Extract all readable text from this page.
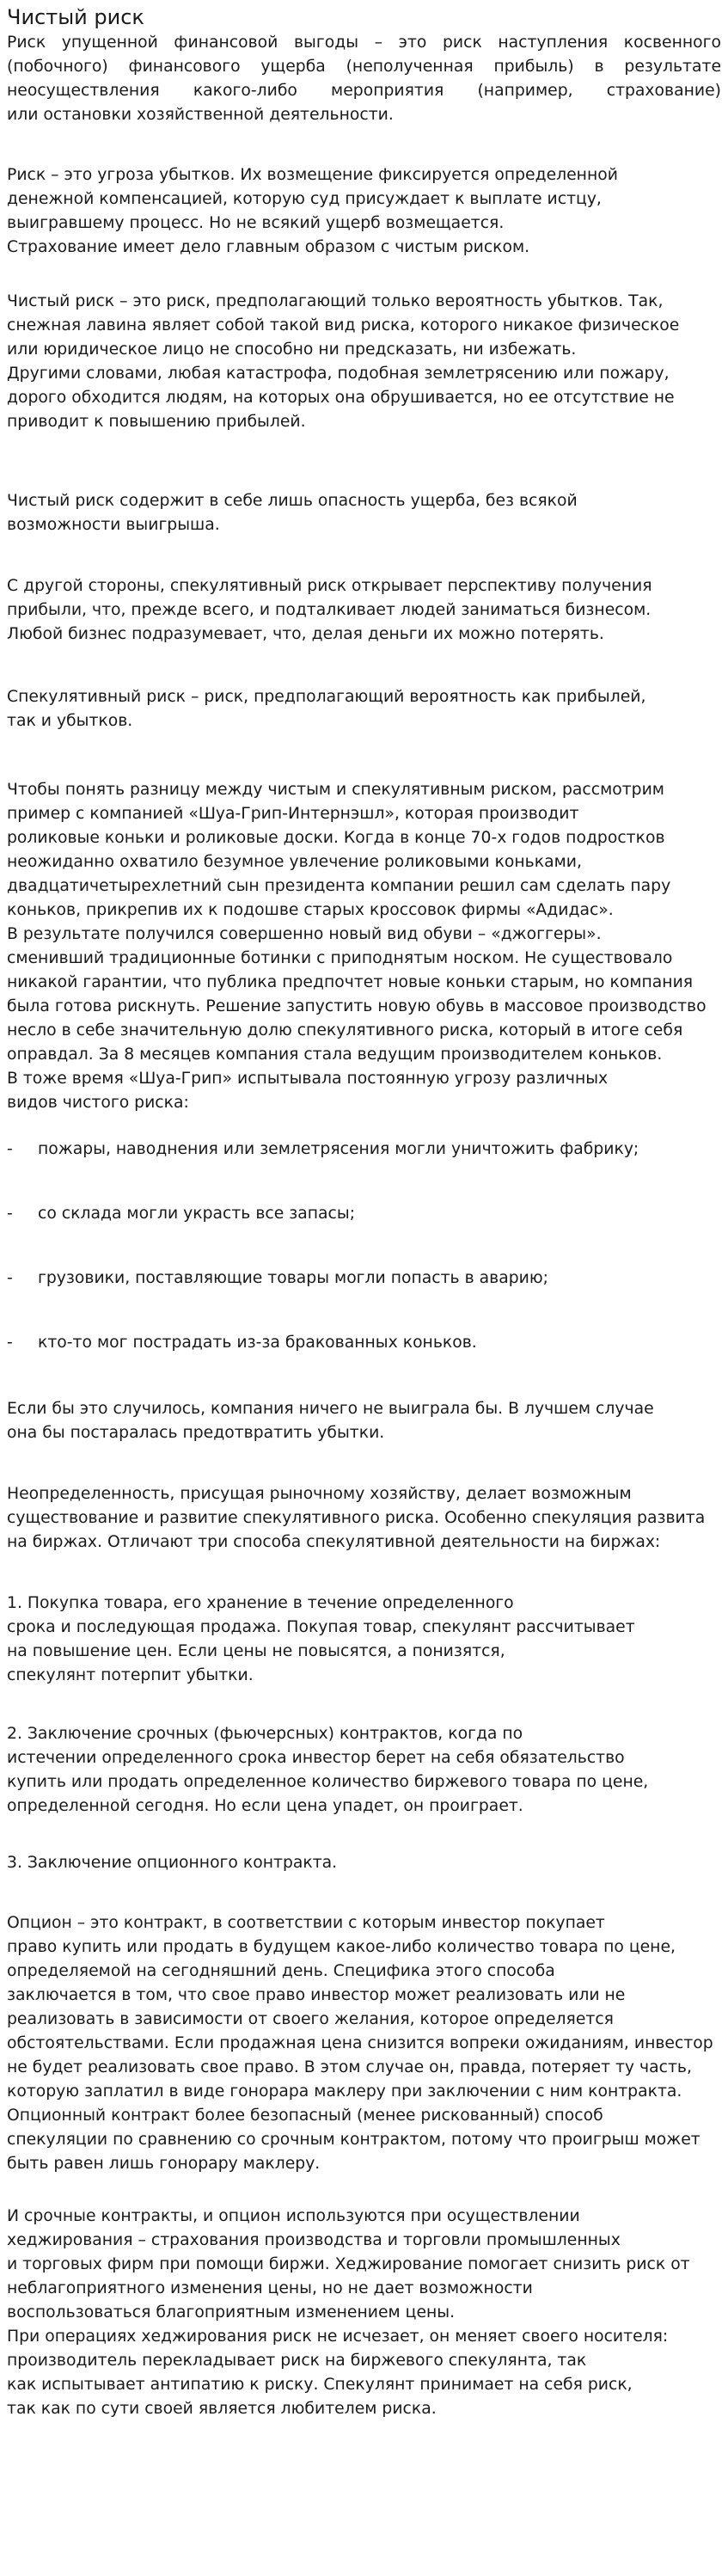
Чистый риск
Риск упущенной финансовой выгоды – это риск наступления косвенного
(побочного) финансового ущерба (неполученная прибыль) в результате
неосуществления какого-либо мероприятия (например, страхование)
или остановки хозяйственной деятельности.
Риск – это угроза убытков. Их возмещение фиксируется определенной
денежной компенсацией, которую суд присуждает к выплате истцу,
выигравшему процесс. Но не всякий ущерб возмещается.
Страхование имеет дело главным образом с чистым риском.
Чистый риск – это риск, предполагающий только вероятность убытков. Так,
снежная лавина являет собой такой вид риска, которого никакое физическое
или юридическое лицо не способно ни предсказать, ни избежать.
Другими словами, любая катастрофа, подобная землетрясению или пожару,
дорого обходится людям, на которых она обрушивается, но ее отсутствие не
приводит к повышению прибылей.
Чистый риск содержит в себе лишь опасность ущерба, без всякой
возможности выигрыша.
С другой стороны, спекулятивный риск открывает перспективу получения
прибыли, что, прежде всего, и подталкивает людей заниматься бизнесом.
Любой бизнес подразумевает, что, делая деньги их можно потерять.
Спекулятивный риск – риск, предполагающий вероятность как прибылей,
так и убытков.
Чтобы понять разницу между чистым и спекулятивным риском, рассмотрим
пример с компанией «Шуа-Грип-Интернэшл», которая производит
роликовые коньки и роликовые доски. Когда в конце 70-х годов подростков
неожиданно охватило безумное увлечение роликовыми коньками,
двадцатичетырехлетний сын президента компании решил сам сделать пару
коньков, прикрепив их к подошве старых кроссовок фирмы «Адидас».
В результате получился совершенно новый вид обуви – «джоггеры».
сменивший традиционные ботинки с приподнятым носком. Не существовало
никакой гарантии, что публика предпочтет новые коньки старым, но компания
была готова рискнуть. Решение запустить новую обувь в массовое производство
несло в себе значительную долю спекулятивного риска, который в итоге себя
оправдал. За 8 месяцев компания стала ведущим производителем коньков.
В тоже время «Шуа-Грип» испытывала постоянную угрозу различных
видов чистого риска:
Если бы это случилось, компания ничего не выиграла бы. В лучшем случае
она бы постаралась предотвратить убытки.
Неопределенность, присущая рыночному хозяйству, делает возможным
существование и развитие спекулятивного риска. Особенно спекуляция развита
на биржах. Отличают три способа спекулятивной деятельности на биржах:
1. Покупка товара, его хранение в течение определенного
срока и последующая продажа. Покупая товар, спекулянт рассчитывает
на повышение цен. Если цены не повысятся, а понизятся,
спекулянт потерпит убытки.
2. Заключение срочных (фьючерсных) контрактов, когда по
истечении определенного срока инвестор берет на себя обязательство
купить или продать определенное количество биржевого товара по цене,
определенной сегодня. Но если цена упадет, он проиграет.
3. Заключение опционного контракта.
Опцион – это контракт, в соответствии с которым инвестор покупает
право купить или продать в будущем какое-либо количество товара по цене,
определяемой на сегодняшний день. Специфика этого способа
заключается в том, что свое право инвестор может реализовать или не
реализовать в зависимости от своего желания, которое определяется
обстоятельствами. Если продажная цена снизится вопреки ожиданиям, инвестор
не будет реализовать свое право. В этом случае он, правда, потеряет ту часть,
которую заплатил в виде гонорара маклеру при заключении с ним контракта.
Опционный контракт более безопасный (менее рискованный) способ
спекуляции по сравнению со срочным контрактом, потому что проигрыш может
быть равен лишь гонорару маклеру.
И срочные контракты, и опцион используются при осуществлении
хеджирования – страхования производства и торговли промышленных
и торговых фирм при помощи биржи. Хеджирование помогает снизить риск от
неблагоприятного изменения цены, но не дает возможности
воспользоваться благоприятным изменением цены.
При операциях хеджирования риск не исчезает, он меняет своего носителя:
производитель перекладывает риск на биржевого спекулянта, так
как испытывает антипатию к риску. Спекулянт принимает на себя риск,
так как по сути своей является любителем риска.
- пожары, наводнения или землетрясения могли уничтожить фабрику;
- со склада могли украсть все запасы;
- грузовики, поставляющие товары могли попасть в аварию;
- кто-то мог пострадать из-за бракованных коньков.
